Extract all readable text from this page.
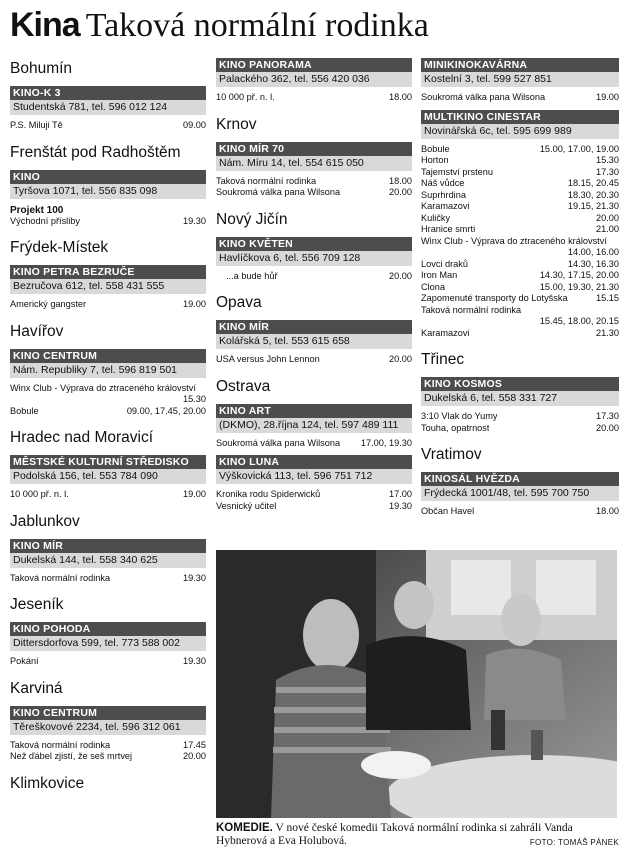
Kina Taková normální rodinka
Bohumín
KINO-K 3
Studentská 781, tel. 596 012 124
P.S. Miluji Tě	09.00
Frenštát pod Radhoštěm
KINO
Tyršova 1071, tel. 556 835 098
Projekt 100
Východní přísliby	19.30
Frýdek-Místek
KINO PETRA BEZRUČE
Bezručova 612, tel. 558 431 555
Americký gangster	19.00
Havířov
KINO CENTRUM
Nám. Republiky 7, tel. 596 819 501
Winx Club - Výprava do ztraceného království
15.30
Bobule	09.00, 17.45, 20.00
Hradec nad Moravicí
MĚSTSKÉ KULTURNÍ STŘEDISKO
Podolská 156, tel. 553 784 090
10 000 př. n. l.	19.00
Jablunkov
KINO MÍR
Dukelská 144, tel. 558 340 625
Taková normální rodinka	19.30
Jeseník
KINO POHODA
Dittersdorfova 599, tel. 773 588 002
Pokání	19.30
Karviná
KINO CENTRUM
Těreškovové 2234, tel. 596 312 061
Taková normální rodinka	17.45
Než ďábel zjistí, že seš mrtvej	20.00
Klimkovice
KINO PANORAMA
Palackého 362, tel. 556 420 036
10 000 př. n. l.	18.00
Krnov
KINO MÍR 70
Nám. Míru 14, tel. 554 615 050
Taková normální rodinka	18.00
Soukromá válka pana Wilsona	20.00
Nový Jičín
KINO KVĚTEN
Havlíčkova 6, tel. 556 709 128
...a bude hůř	20.00
Opava
KINO MÍR
Kolářská 5, tel. 553 615 658
USA versus John Lennon	20.00
Ostrava
KINO ART
(DKMO), 28.října 124, tel. 597 489 111
Soukromá válka pana Wilsona	17.00, 19.30
KINO LUNA
Výškovická 113, tel. 596 751 712
Kronika rodu Spiderwicků	17.00
Vesnický učitel	19.30
MINIKINOKAVÁRNA
Kostelní 3, tel. 599 527 851
Soukromá válka pana Wilsona	19.00
MULTIKINO CINESTAR
Novinářská 6c, tel. 595 699 989
Bobule	15.00, 17.00, 19.00
Horton	15.30
Tajemství prstenu	17.30
Náš vůdce	18.15, 20.45
Suprhrdina	18.30, 20.30
Karamazovi	19.15, 21.30
Kuličky	20.00
Hranice smrti	21.00
Winx Club - Výprava do ztraceného království
14.00, 16.00
Lovci draků	14.30, 16.30
Iron Man	14.30, 17.15, 20.00
Clona	15.00, 19.30, 21.30
Zapomenuté transporty do Lotyšska	15.15
Taková normální rodinka
15.45, 18.00, 20.15
Karamazovi	21.30
Třinec
KINO KOSMOS
Dukelská 6, tel. 558 331 727
3:10 Vlak do Yumy	17.30
Touha, opatrnost	20.00
Vratimov
KINOSÁL HVĚZDA
Frýdecká 1001/48, tel. 595 700 750
Občan Havel	18.00
KOMEDIE. V nové české komedii Taková normální rodinka si zahráli Vanda Hybnerová a Eva Holubová.	FOTO: TOMÁŠ PÁNEK
